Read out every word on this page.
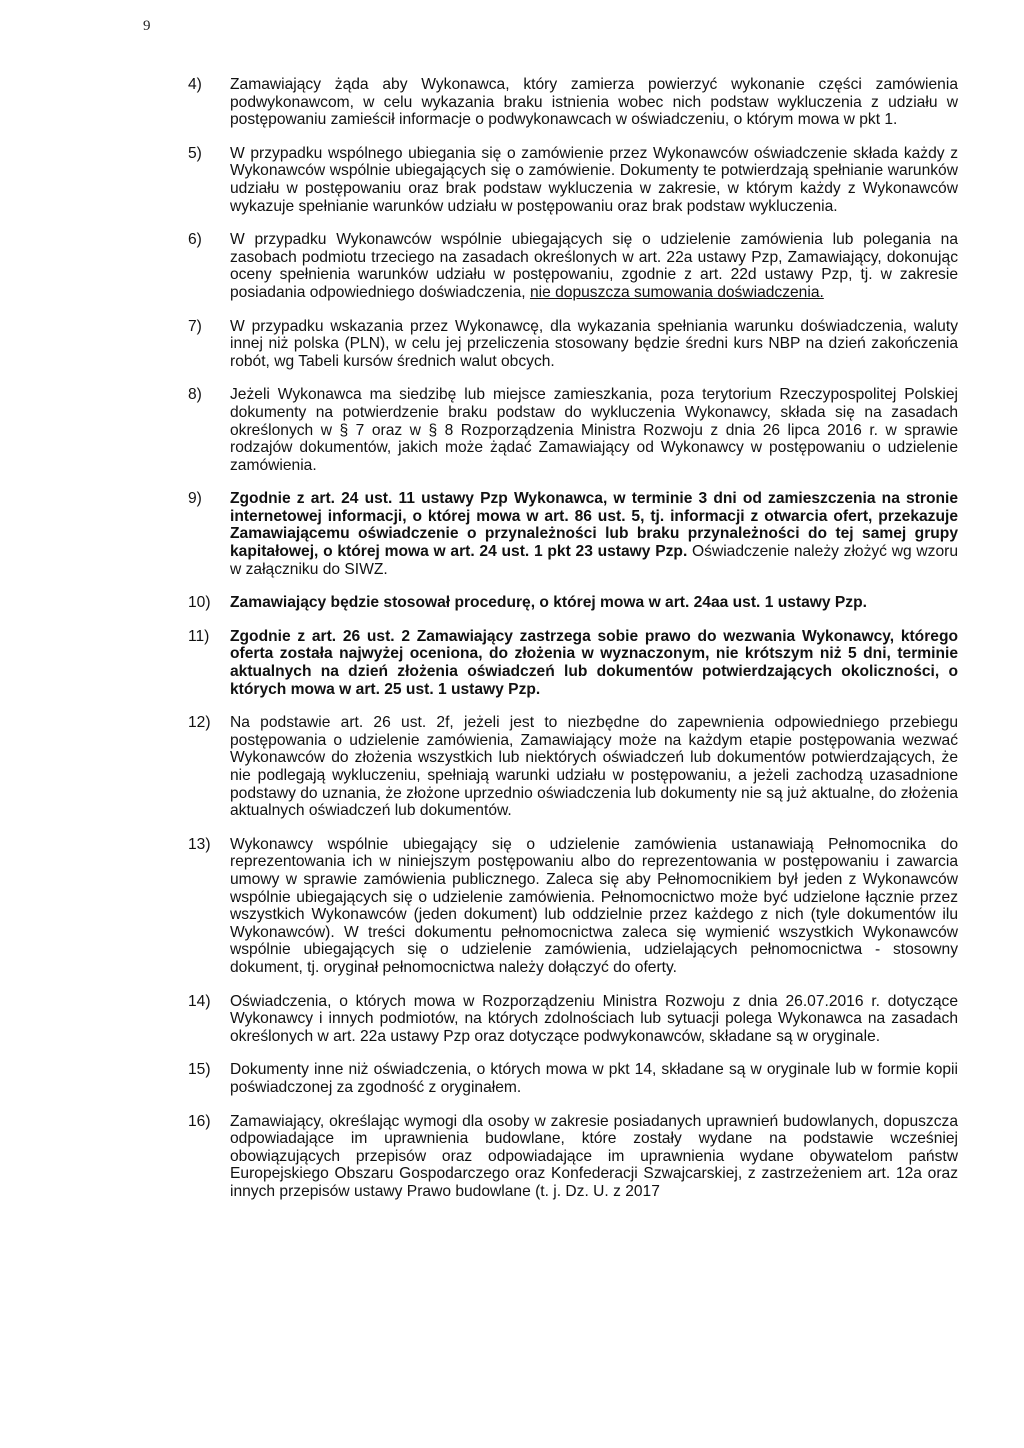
9
4)	Zamawiający żąda aby Wykonawca, który zamierza powierzyć wykonanie części zamówienia podwykonawcom, w celu wykazania braku istnienia wobec nich podstaw wykluczenia z udziału w postępowaniu zamieścił informacje o podwykonawcach w oświadczeniu, o którym mowa w pkt 1.
5)	W przypadku wspólnego ubiegania się o zamówienie przez Wykonawców oświadczenie składa każdy z Wykonawców wspólnie ubiegających się o zamówienie. Dokumenty te potwierdzają spełnianie warunków udziału w postępowaniu oraz brak podstaw wykluczenia w zakresie, w którym każdy z Wykonawców wykazuje spełnianie warunków udziału w postępowaniu oraz brak podstaw wykluczenia.
6)	W przypadku Wykonawców wspólnie ubiegających się o udzielenie zamówienia lub polegania na zasobach podmiotu trzeciego na zasadach określonych w art. 22a ustawy Pzp, Zamawiający, dokonując oceny spełnienia warunków udziału w postępowaniu, zgodnie z art. 22d ustawy Pzp, tj. w zakresie posiadania odpowiedniego doświadczenia, nie dopuszcza sumowania doświadczenia.
7)	W przypadku wskazania przez Wykonawcę, dla wykazania spełniania warunku doświadczenia, waluty innej niż polska (PLN), w celu jej przeliczenia stosowany będzie średni kurs NBP na dzień zakończenia robót, wg Tabeli kursów średnich walut obcych.
8)	Jeżeli Wykonawca ma siedzibę lub miejsce zamieszkania, poza terytorium Rzeczypospolitej Polskiej dokumenty na potwierdzenie braku podstaw do wykluczenia Wykonawcy, składa się na zasadach określonych w § 7 oraz w § 8 Rozporządzenia Ministra Rozwoju z dnia 26 lipca 2016 r. w sprawie rodzajów dokumentów, jakich może żądać Zamawiający od Wykonawcy w postępowaniu o udzielenie zamówienia.
9)	Zgodnie z art. 24 ust. 11 ustawy Pzp Wykonawca, w terminie 3 dni od zamieszczenia na stronie internetowej informacji, o której mowa w art. 86 ust. 5, tj. informacji z otwarcia ofert, przekazuje Zamawiającemu oświadczenie o przynależności lub braku przynależności do tej samej grupy kapitałowej, o której mowa w art. 24 ust. 1 pkt 23 ustawy Pzp. Oświadczenie należy złożyć wg wzoru w załączniku do SIWZ.
10)	Zamawiający będzie stosował procedurę, o której mowa w art. 24aa ust. 1 ustawy Pzp.
11)	Zgodnie z art. 26 ust. 2 Zamawiający zastrzega sobie prawo do wezwania Wykonawcy, którego oferta została najwyżej oceniona, do złożenia w wyznaczonym, nie krótszym niż 5 dni, terminie aktualnych na dzień złożenia oświadczeń lub dokumentów potwierdzających okoliczności, o których mowa w art. 25 ust. 1 ustawy Pzp.
12)	Na podstawie art. 26 ust. 2f, jeżeli jest to niezbędne do zapewnienia odpowiedniego przebiegu postępowania o udzielenie zamówienia, Zamawiający może na każdym etapie postępowania wezwać Wykonawców do złożenia wszystkich lub niektórych oświadczeń lub dokumentów potwierdzających, że nie podlegają wykluczeniu, spełniają warunki udziału w postępowaniu, a jeżeli zachodzą uzasadnione podstawy do uznania, że złożone uprzednio oświadczenia lub dokumenty nie są już aktualne, do złożenia aktualnych oświadczeń lub dokumentów.
13)	Wykonawcy wspólnie ubiegający się o udzielenie zamówienia ustanawiają Pełnomocnika do reprezentowania ich w niniejszym postępowaniu albo do reprezentowania w postępowaniu i zawarcia umowy w sprawie zamówienia publicznego. Zaleca się aby Pełnomocnikiem był jeden z Wykonawców wspólnie ubiegających się o udzielenie zamówienia. Pełnomocnictwo może być udzielone łącznie przez wszystkich Wykonawców (jeden dokument) lub oddzielnie przez każdego z nich (tyle dokumentów ilu Wykonawców). W treści dokumentu pełnomocnictwa zaleca się wymienić wszystkich Wykonawców wspólnie ubiegających się o udzielenie zamówienia, udzielających pełnomocnictwa - stosowny dokument, tj. oryginał pełnomocnictwa należy dołączyć do oferty.
14)	Oświadczenia, o których mowa w Rozporządzeniu Ministra Rozwoju z dnia 26.07.2016 r. dotyczące Wykonawcy i innych podmiotów, na których zdolnościach lub sytuacji polega Wykonawca na zasadach określonych w art. 22a ustawy Pzp oraz dotyczące podwykonawców, składane są w oryginale.
15)	Dokumenty inne niż oświadczenia, o których mowa w pkt 14, składane są w oryginale lub w formie kopii poświadczonej za zgodność z oryginałem.
16)	Zamawiający, określając wymogi dla osoby w zakresie posiadanych uprawnień budowlanych, dopuszcza odpowiadające im uprawnienia budowlane, które zostały wydane na podstawie wcześniej obowiązujących przepisów oraz odpowiadające im uprawnienia wydane obywatelom państw Europejskiego Obszaru Gospodarczego oraz Konfederacji Szwajcarskiej, z zastrzeżeniem art. 12a oraz innych przepisów ustawy Prawo budowlane (t. j. Dz. U. z 2017
